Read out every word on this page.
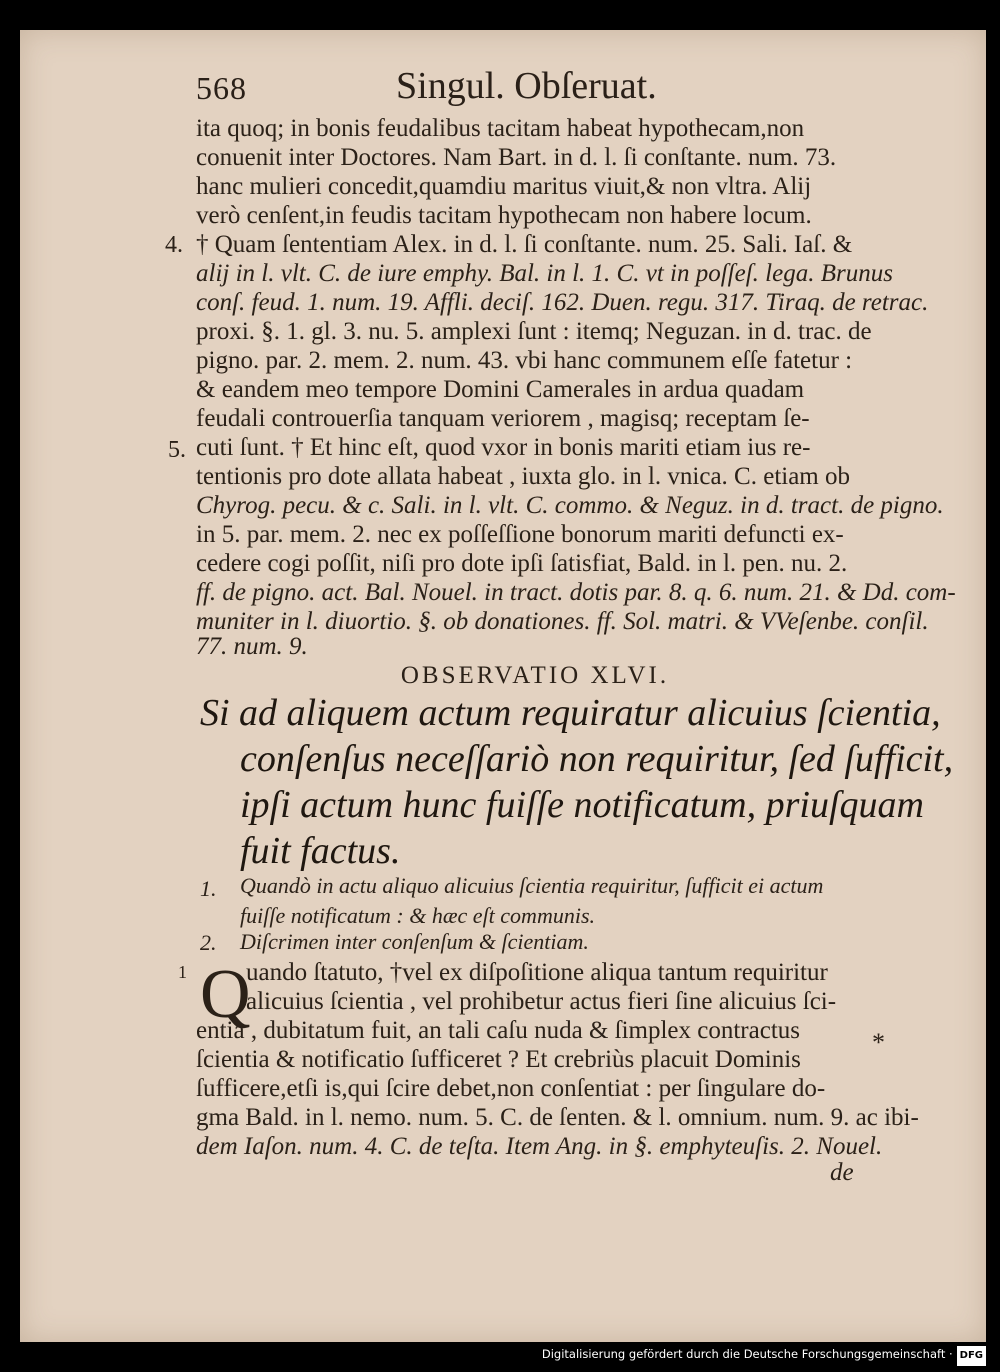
568	Singul. Obſeruat.
ita quoq; in bonis feudalibus tacitam habeat hypothecam,non
conuenit inter Doctores. Nam Bart. in d. l. ſi conſtante. num. 73.
hanc mulieri concedit,quamdiu maritus viuit,& non vltra. Alij
verò cenſent,in feudis tacitam hypothecam non habere locum.
4. † Quam ſententiam Alex. in d. l. ſi conſtante. num. 25. Sali. Iaſ. &
alij in l. vlt. C. de iure emphy. Bal. in l. 1. C. vt in poſſeſ. lega. Brunus
conſ. feud. 1. num. 19. Affli. deciſ. 162. Duen. regu. 317. Tiraq. de retrac.
proxi. §. 1. gl. 3. nu. 5. amplexi ſunt : itemq; Neguzan. in d. trac. de
pigno. par. 2. mem. 2. num. 43. vbi hanc communem eſſe fatetur :
& eandem meo tempore Domini Camerales in ardua quadam
feudali controuerſia tanquam veriorem , magisq; receptam ſe-
5. cuti ſunt. † Et hinc eſt, quod vxor in bonis mariti etiam ius re-
tentionis pro dote allata habeat , iuxta glo. in l. vnica. C. etiam ob
Chyrog. pecu. & c. Sali. in l. vlt. C. commo. & Neguz. in d. tract. de pigno.
in 5. par. mem. 2. nec ex poſſeſſione bonorum mariti defuncti ex-
cedere cogi poſſit, niſi pro dote ipſi ſatisfiat, Bald. in l. pen. nu. 2.
ff. de pigno. act. Bal. Nouel. in tract. dotis par. 8. q. 6. num. 21. & Dd. com-
muniter in l. diuortio. §. ob donationes. ff. Sol. matri. & VVeſenbe. conſil.
77. num. 9.
OBSERVATIO XLVI.
Si ad aliquem actum requiratur alicuius ſcientia,
conſenſus neceſſariò non requiritur, ſed ſufficit,
ipſi actum hunc fuiſſe notificatum, priuſquam
fuit factus.
1. Quandò in actu aliquo alicuius ſcientia requiritur, ſufficit ei actum
fuiſſe notificatum : & hæc eſt communis.
2. Diſcrimen inter conſenſum & ſcientiam.
1 Q
*
uando ſtatuto, †vel ex diſpoſitione aliqua tantum requiritur
alicuius ſcientia , vel prohibetur actus fieri ſine alicuius ſci-
entia , dubitatum fuit, an tali caſu nuda & ſimplex contractus
ſcientia & notificatio ſufficeret ? Et crebriùs placuit Dominis
ſufficere,etſi is,qui ſcire debet,non conſentiat : per ſingulare do-
gma Bald. in l. nemo. num. 5. C. de ſenten. & l. omnium. num. 9. ac ibi-
dem Iaſon. num. 4. C. de teſta. Item Ang. in §. emphyteuſis. 2. Nouel.
de
Digitalisierung gefördert durch die Deutsche Forschungsgemeinschaft · DFG
